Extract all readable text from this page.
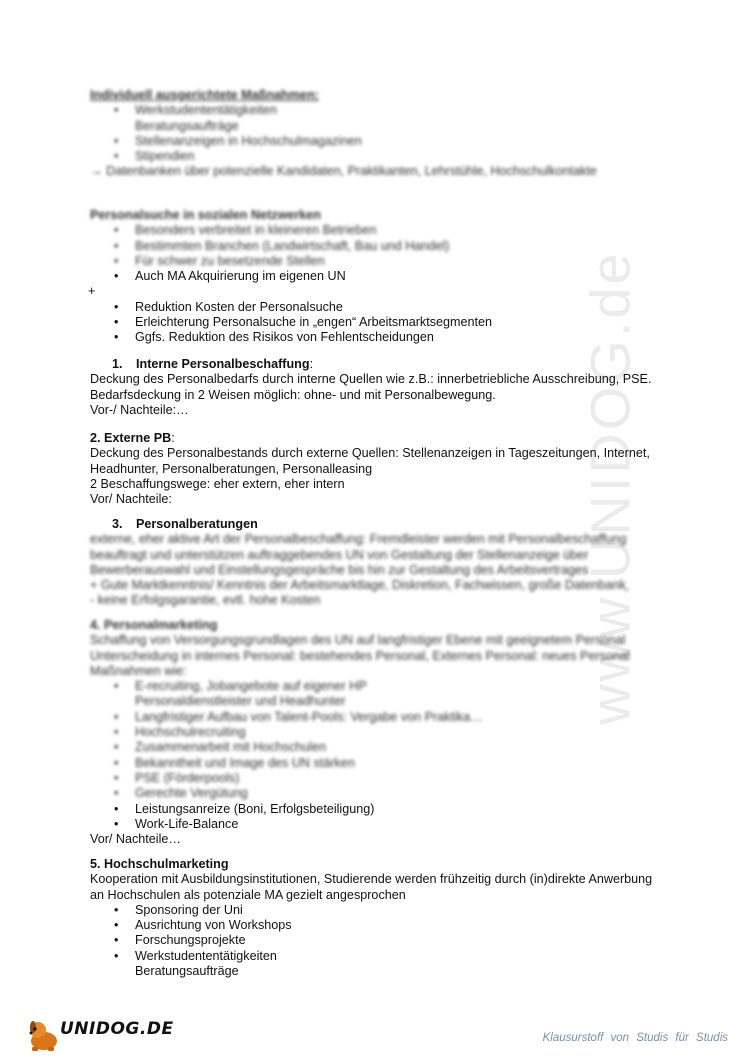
www.UNIDOG.de

Individuell ausgerichtete Maßnahmen:

• Werkstudententätigkeiten
Beratungsaufträge
• Stellenanzeigen in Hochschulmagazinen
• Stipendien

→ Datenbanken über potenzielle Kandidaten, Praktikanten, Lehrstühle, Hochschulkontakte

Personalsuche in sozialen Netzwerken

• Besonders verbreitet in kleineren Betrieben
• Bestimmten Branchen (Landwirtschaft, Bau und Handel)
• Für schwer zu besetzende Stellen
• Auch MA Akquirierung im eigenen UN

+

• Reduktion Kosten der Personalsuche
• Erleichterung Personalsuche in „engen“ Arbeitsmarktsegmenten
• Ggfs. Reduktion des Risikos von Fehlentscheidungen

1. Interne Personalbeschaffung:

Deckung des Personalbedarfs durch interne Quellen wie z.B.: innerbetriebliche Ausschreibung, PSE.

Bedarfsdeckung in 2 Weisen möglich: ohne- und mit Personalbewegung.

Vor-/ Nachteile:…

2. Externe PB:

Deckung des Personalbestands durch externe Quellen: Stellenanzeigen in Tageszeitungen, Internet,

Headhunter, Personalberatungen, Personalleasing

2 Beschaffungswege: eher extern, eher intern

Vor/ Nachteile:

3. Personalberatungen

externe, eher aktive Art der Personalbeschaffung: Fremdleister werden mit Personalbeschaffung

beauftragt und unterstützen auftraggebendes UN von Gestaltung der Stellenanzeige über

Bewerberauswahl und Einstellungsgespräche bis hin zur Gestaltung des Arbeitsvertrages

+ Gute Marktkenntnis/ Kenntnis der Arbeitsmarktlage, Diskretion, Fachwissen, große Datenbank

- keine Erfolgsgarantie, evtl. hohe Kosten

4. Personalmarketing

Schaffung von Versorgungsgrundlagen des UN auf langfristiger Ebene mit geeignetem Personal

Unterscheidung in internes Personal: bestehendes Personal, Externes Personal: neues Personal

Maßnahmen wie:

• E-recruiting, Jobangebote auf eigener HP
Personaldienstleister und Headhunter
• Langfristiger Aufbau von Talent-Pools: Vergabe von Praktika…
• Hochschulrecruiting
• Zusammenarbeit mit Hochschulen
• Bekanntheit und Image des UN stärken
• PSE (Förderpools)
• Gerechte Vergütung
• Leistungsanreize (Boni, Erfolgsbeteiligung)
• Work-Life-Balance

Vor/ Nachteile…

5. Hochschulmarketing

Kooperation mit Ausbildungsinstitutionen, Studierende werden frühzeitig durch (in)direkte Anwerbung

an Hochschulen als potenziale MA gezielt angesprochen

• Sponsoring der Uni
• Ausrichtung von Workshops
• Forschungsprojekte
• Werkstudententätigkeiten
Beratungsaufträge
UNIDOG.DE	Klausurstoff von Studis für Studis
